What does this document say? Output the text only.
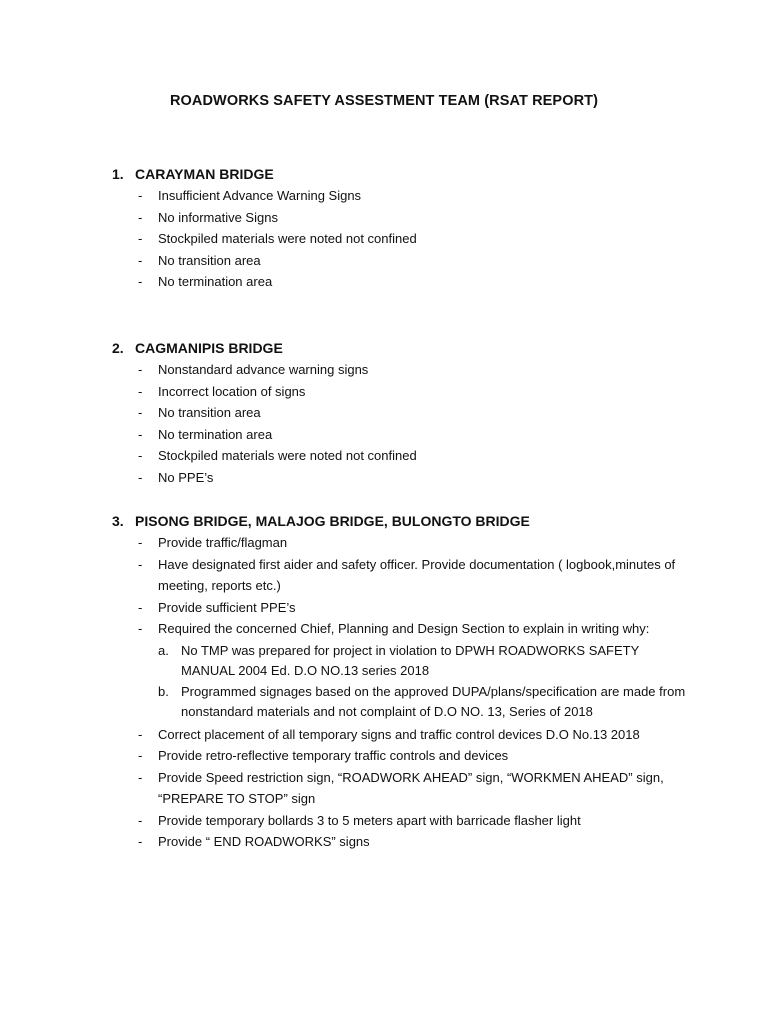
ROADWORKS SAFETY ASSESTMENT TEAM (RSAT REPORT)
1. CARAYMAN BRIDGE
- Insufficient Advance Warning Signs
- No informative Signs
- Stockpiled materials were noted not confined
- No transition area
- No termination area
2. CAGMANIPIS BRIDGE
- Nonstandard advance warning signs
- Incorrect location of signs
- No transition area
- No termination area
- Stockpiled materials were noted not confined
- No PPE’s
3. PISONG BRIDGE, MALAJOG BRIDGE, BULONGTO BRIDGE
- Provide traffic/flagman
- Have designated first aider and safety officer. Provide documentation ( logbook,minutes of meeting, reports etc.)
- Provide sufficient PPE’s
- Required the concerned Chief, Planning and Design Section to explain in writing why:
a. No TMP was prepared for project in violation to DPWH ROADWORKS SAFETY MANUAL 2004 Ed. D.O NO.13 series 2018
b. Programmed signages based on the approved DUPA/plans/specification are made from nonstandard materials and not complaint of D.O NO. 13, Series of 2018
- Correct placement of all temporary signs and traffic control devices D.O No.13 2018
- Provide retro-reflective temporary traffic controls and devices
- Provide Speed restriction sign, “ROADWORK AHEAD” sign, “WORKMEN AHEAD” sign, “PREPARE TO STOP” sign
- Provide temporary bollards 3 to 5 meters apart with barricade flasher light
- Provide “ END ROADWORKS” signs
